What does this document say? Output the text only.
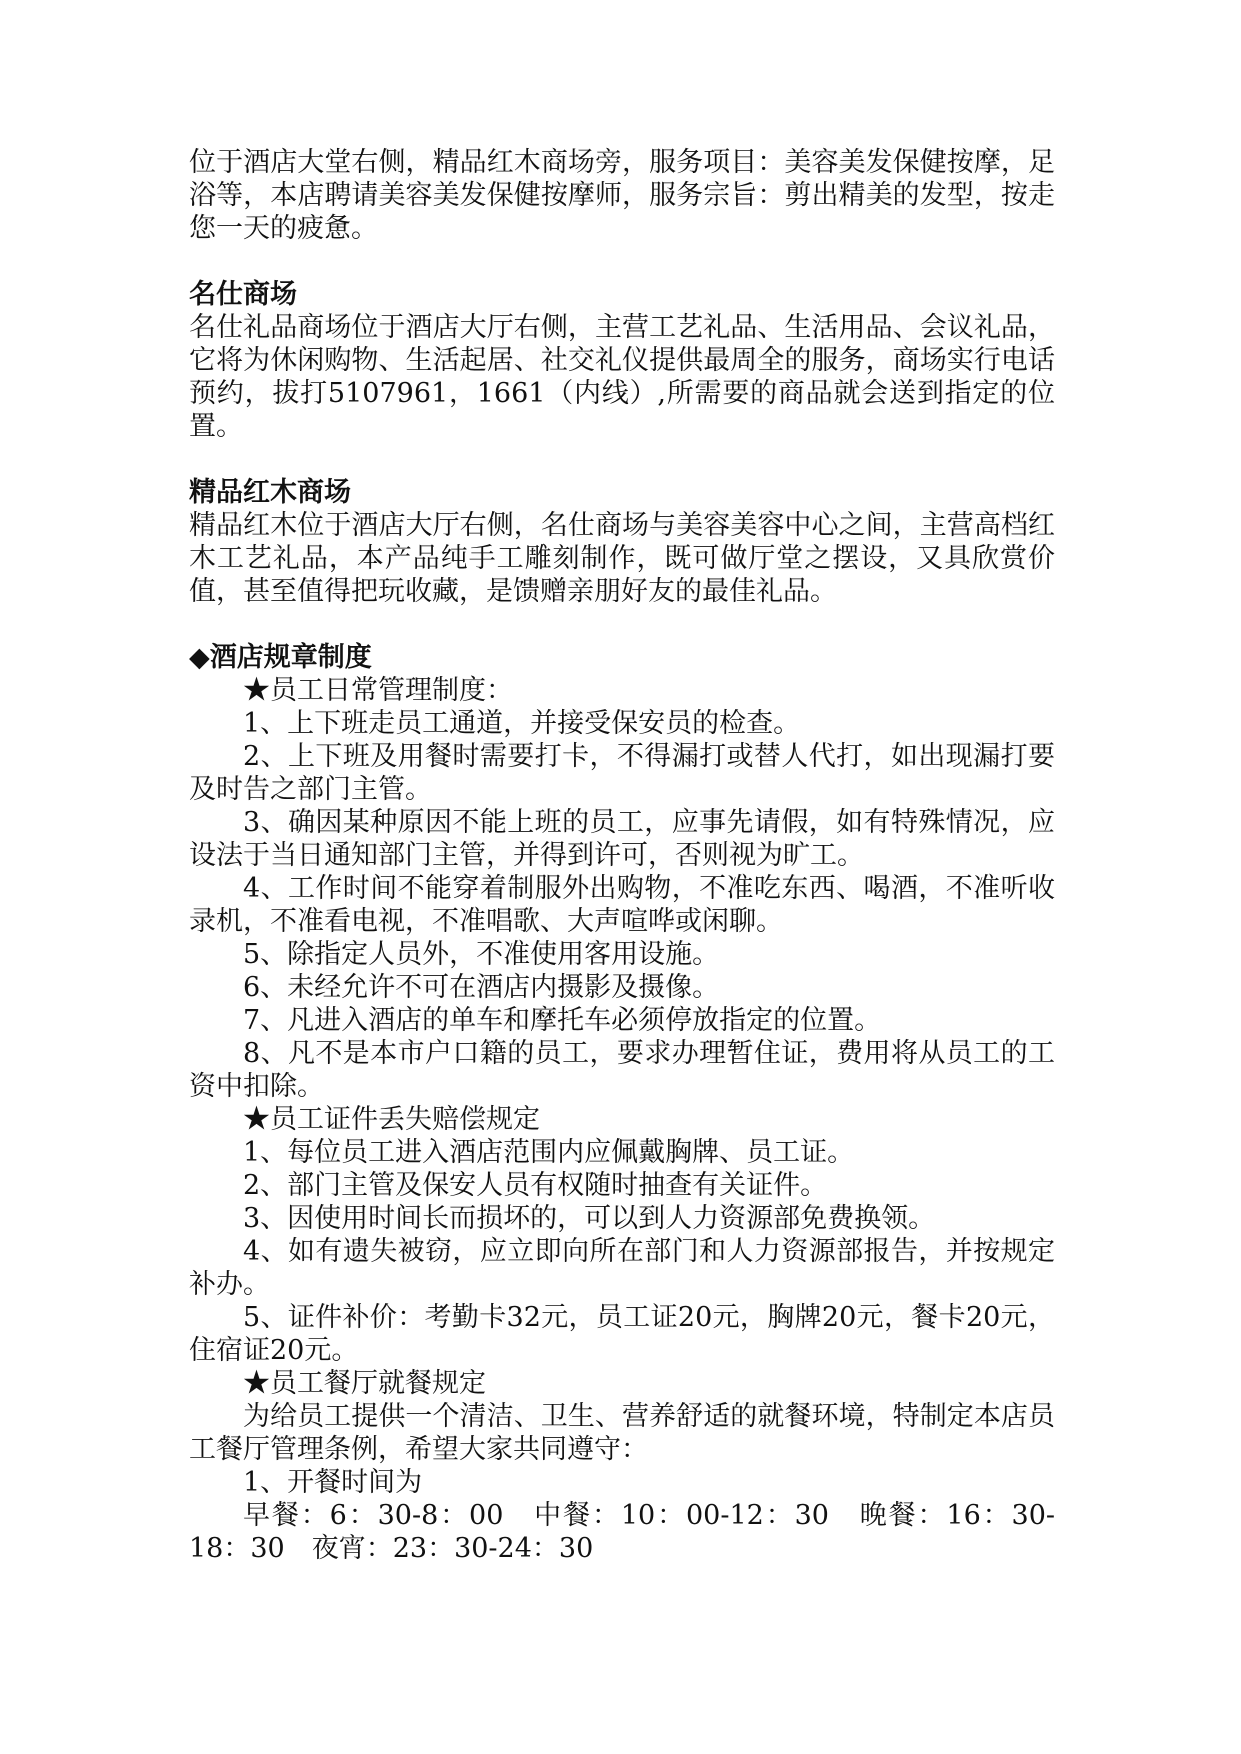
位于酒店大堂右侧，精品红木商场旁，服务项目：美容美发保健按摩，足浴等，本店聘请美容美发保健按摩师，服务宗旨：剪出精美的发型，按走您一天的疲惫。

名仕商场

名仕礼品商场位于酒店大厅右侧，主营工艺礼品、生活用品、会议礼品，它将为休闲购物、生活起居、社交礼仪提供最周全的服务，商场实行电话预约，拔打5107961，1661（内线）,所需要的商品就会送到指定的位置。

精品红木商场

精品红木位于酒店大厅右侧，名仕商场与美容美容中心之间，主营高档红木工艺礼品，本产品纯手工雕刻制作，既可做厅堂之摆设，又具欣赏价值，甚至值得把玩收藏，是馈赠亲朋好友的最佳礼品。

◆酒店规章制度

★员工日常管理制度：

1、上下班走员工通道，并接受保安员的检查。

2、上下班及用餐时需要打卡，不得漏打或替人代打，如出现漏打要及时告之部门主管。

3、确因某种原因不能上班的员工，应事先请假，如有特殊情况，应设法于当日通知部门主管，并得到许可，否则视为旷工。

4、工作时间不能穿着制服外出购物，不准吃东西、喝酒，不准听收录机，不准看电视，不准唱歌、大声喧哗或闲聊。

5、除指定人员外，不准使用客用设施。

6、未经允许不可在酒店内摄影及摄像。

7、凡进入酒店的单车和摩托车必须停放指定的位置。

8、凡不是本市户口籍的员工，要求办理暂住证，费用将从员工的工资中扣除。

★员工证件丢失赔偿规定

1、每位员工进入酒店范围内应佩戴胸牌、员工证。

2、部门主管及保安人员有权随时抽查有关证件。

3、因使用时间长而损坏的，可以到人力资源部免费换领。

4、如有遗失被窃，应立即向所在部门和人力资源部报告，并按规定补办。

5、证件补价：考勤卡32元，员工证20元，胸牌20元，餐卡20元，住宿证20元。

★员工餐厅就餐规定

为给员工提供一个清洁、卫生、营养舒适的就餐环境，特制定本店员工餐厅管理条例，希望大家共同遵守：

1、开餐时间为

早餐：6：30-8：00　中餐：10：00-12：30　晚餐：16：30-18：30　夜宵：23：30-24：30
